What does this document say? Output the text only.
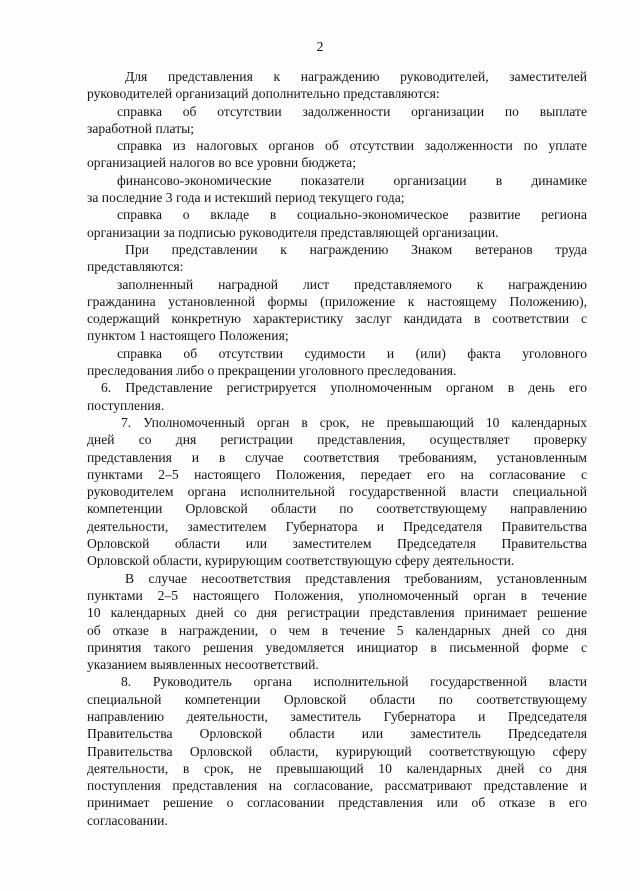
2
Для представления к награждению руководителей, заместителей
руководителей организаций дополнительно представляются:
справка об отсутствии задолженности организации по выплате
заработной платы;
справка из налоговых органов об отсутствии задолженности по уплате
организацией налогов во все уровни бюджета;
финансово-экономические показатели организации в динамике
за последние 3 года и истекший период текущего года;
справка о вкладе в социально-экономическое развитие региона
организации за подписью руководителя представляющей организации.
При представлении к награждению Знаком ветеранов труда
представляются:
заполненный наградной лист представляемого к награждению
гражданина установленной формы (приложение к настоящему Положению),
содержащий конкретную характеристику заслуг кандидата в соответствии с
пунктом 1 настоящего Положения;
справка об отсутствии судимости и (или) факта уголовного
преследования либо о прекращении уголовного преследования.
6. Представление регистрируется уполномоченным органом в день его
поступления.
7. Уполномоченный орган в срок, не превышающий 10 календарных
дней со дня регистрации представления, осуществляет проверку
представления и в случае соответствия требованиям, установленным
пунктами 2–5 настоящего Положения, передает его на согласование с
руководителем органа исполнительной государственной власти специальной
компетенции Орловской области по соответствующему направлению
деятельности, заместителем Губернатора и Председателя Правительства
Орловской области или заместителем Председателя Правительства
Орловской области, курирующим соответствующую сферу деятельности.
В случае несоответствия представления требованиям, установленным
пунктами 2–5 настоящего Положения, уполномоченный орган в течение
10 календарных дней со дня регистрации представления принимает решение
об отказе в награждении, о чем в течение 5 календарных дней со дня
принятия такого решения уведомляется инициатор в письменной форме с
указанием выявленных несоответствий.
8. Руководитель органа исполнительной государственной власти
специальной компетенции Орловской области по соответствующему
направлению деятельности, заместитель Губернатора и Председателя
Правительства Орловской области или заместитель Председателя
Правительства Орловской области, курирующий соответствующую сферу
деятельности, в срок, не превышающий 10 календарных дней со дня
поступления представления на согласование, рассматривают представление и
принимает решение о согласовании представления или об отказе в его
согласовании.
